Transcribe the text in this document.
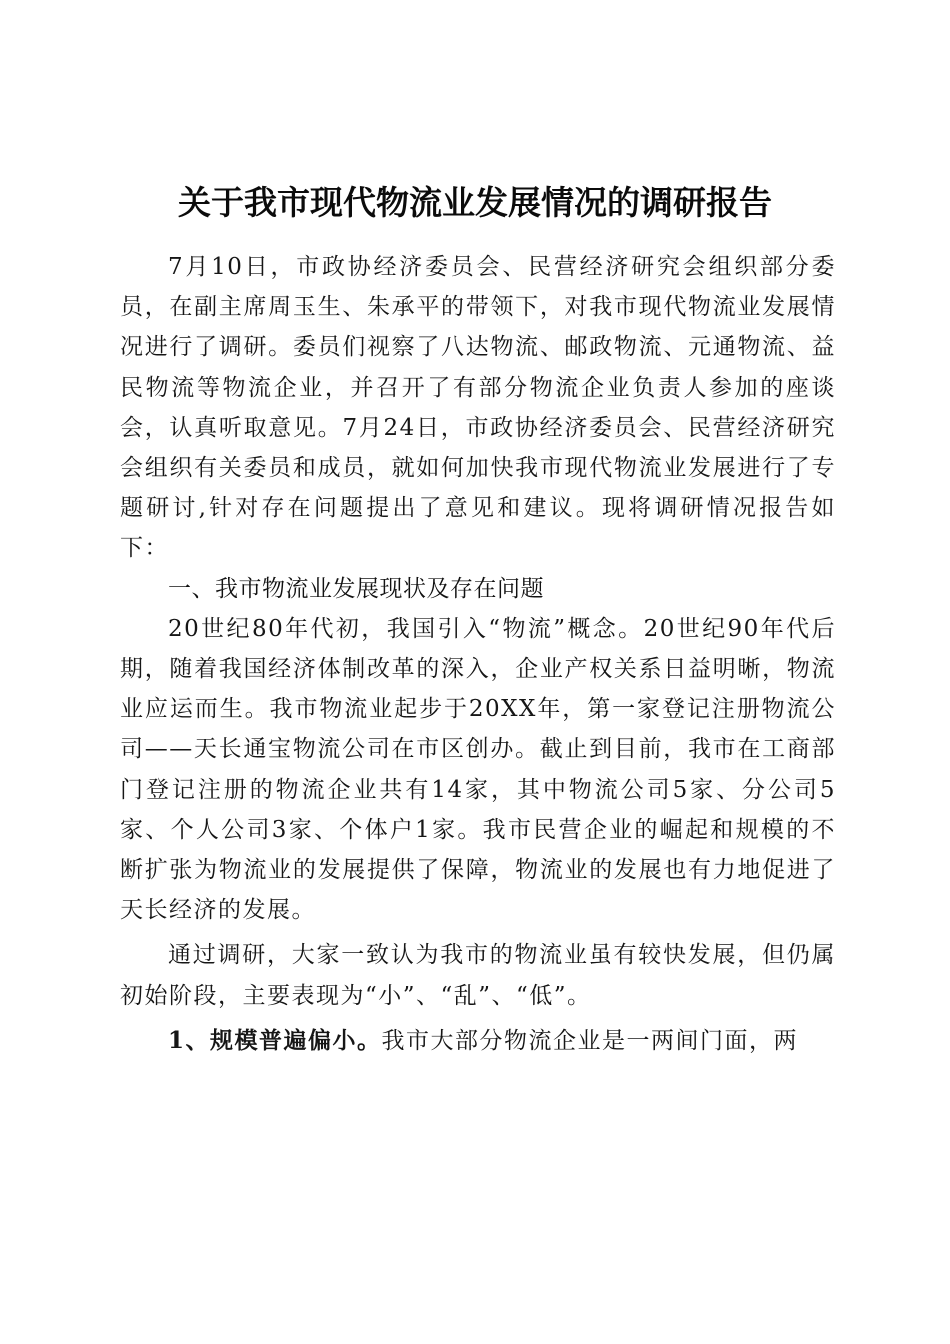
关于我市现代物流业发展情况的调研报告

7月10日，市政协经济委员会、民营经济研究会组织部分委员，在副主席周玉生、朱承平的带领下，对我市现代物流业发展情况进行了调研。委员们视察了八达物流、邮政物流、元通物流、益民物流等物流企业，并召开了有部分物流企业负责人参加的座谈会，认真听取意见。7月24日，市政协经济委员会、民营经济研究会组织有关委员和成员，就如何加快我市现代物流业发展进行了专题研讨,针对存在问题提出了意见和建议。现将调研情况报告如下：

一、我市物流业发展现状及存在问题

20世纪80年代初，我国引入“物流”概念。20世纪90年代后期，随着我国经济体制改革的深入，企业产权关系日益明晰，物流业应运而生。我市物流业起步于20XX年，第一家登记注册物流公司——天长通宝物流公司在市区创办。截止到目前，我市在工商部门登记注册的物流企业共有14家，其中物流公司5家、分公司5家、个人公司3家、个体户1家。我市民营企业的崛起和规模的不断扩张为物流业的发展提供了保障，物流业的发展也有力地促进了天长经济的发展。

通过调研，大家一致认为我市的物流业虽有较快发展，但仍属初始阶段，主要表现为“小”、“乱”、“低”。

1、规模普遍偏小。我市大部分物流企业是一两间门面，两
